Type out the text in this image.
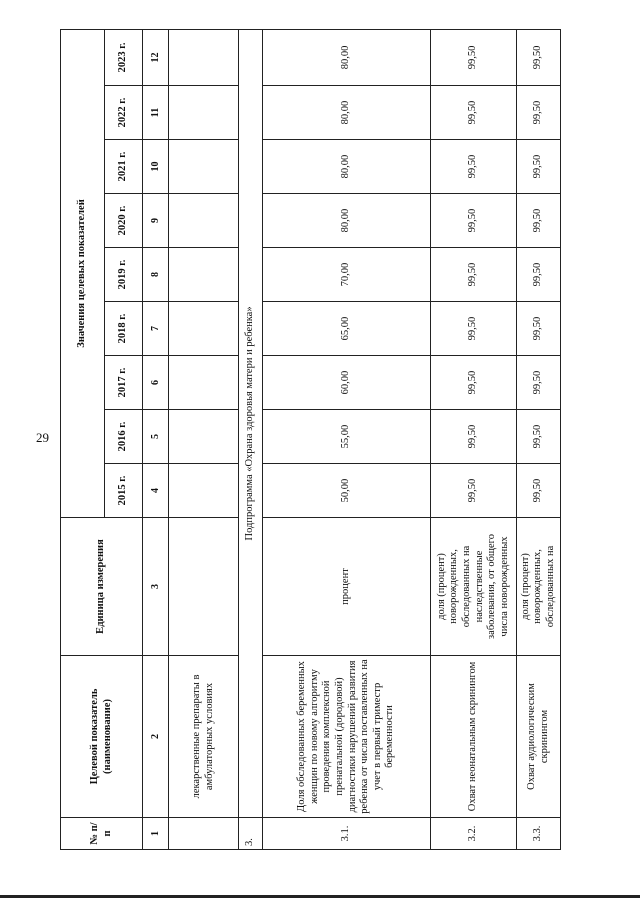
29
№ п/п	Целевой показатель (наименование)	Единица измерения	Значения целевых показателей								
			2015 г.	2016 г.	2017 г.	2018 г.	2019 г.	2020 г.	2021 г.	2022 г.	2023 г.
1	2	3	4	5	6	7	8	9	10	11	12
	лекарственные препараты в амбулаторных условиях										
3.	Подпрограмма «Охрана здоровья матери и ребенка»										
3.1.	Доля обследованных беременных женщин по новому алгоритму проведения комплексной пренатальной (дородовой) диагностики нарушений развития ребенка от числа поставленных на учет в первый триместр беременности	процент	50,00	55,00	60,00	65,00	70,00	80,00	80,00	80,00	80,00
3.2.	Охват неонатальным скринингом	доля (процент) новорожденных, обследованных на наследственные заболевания, от общего числа новорожденных	99,50	99,50	99,50	99,50	99,50	99,50	99,50	99,50	99,50
3.3.	Охват аудиологическим скринингом	доля (процент) новорожденных, обследованных на	99,50	99,50	99,50	99,50	99,50	99,50	99,50	99,50	99,50
